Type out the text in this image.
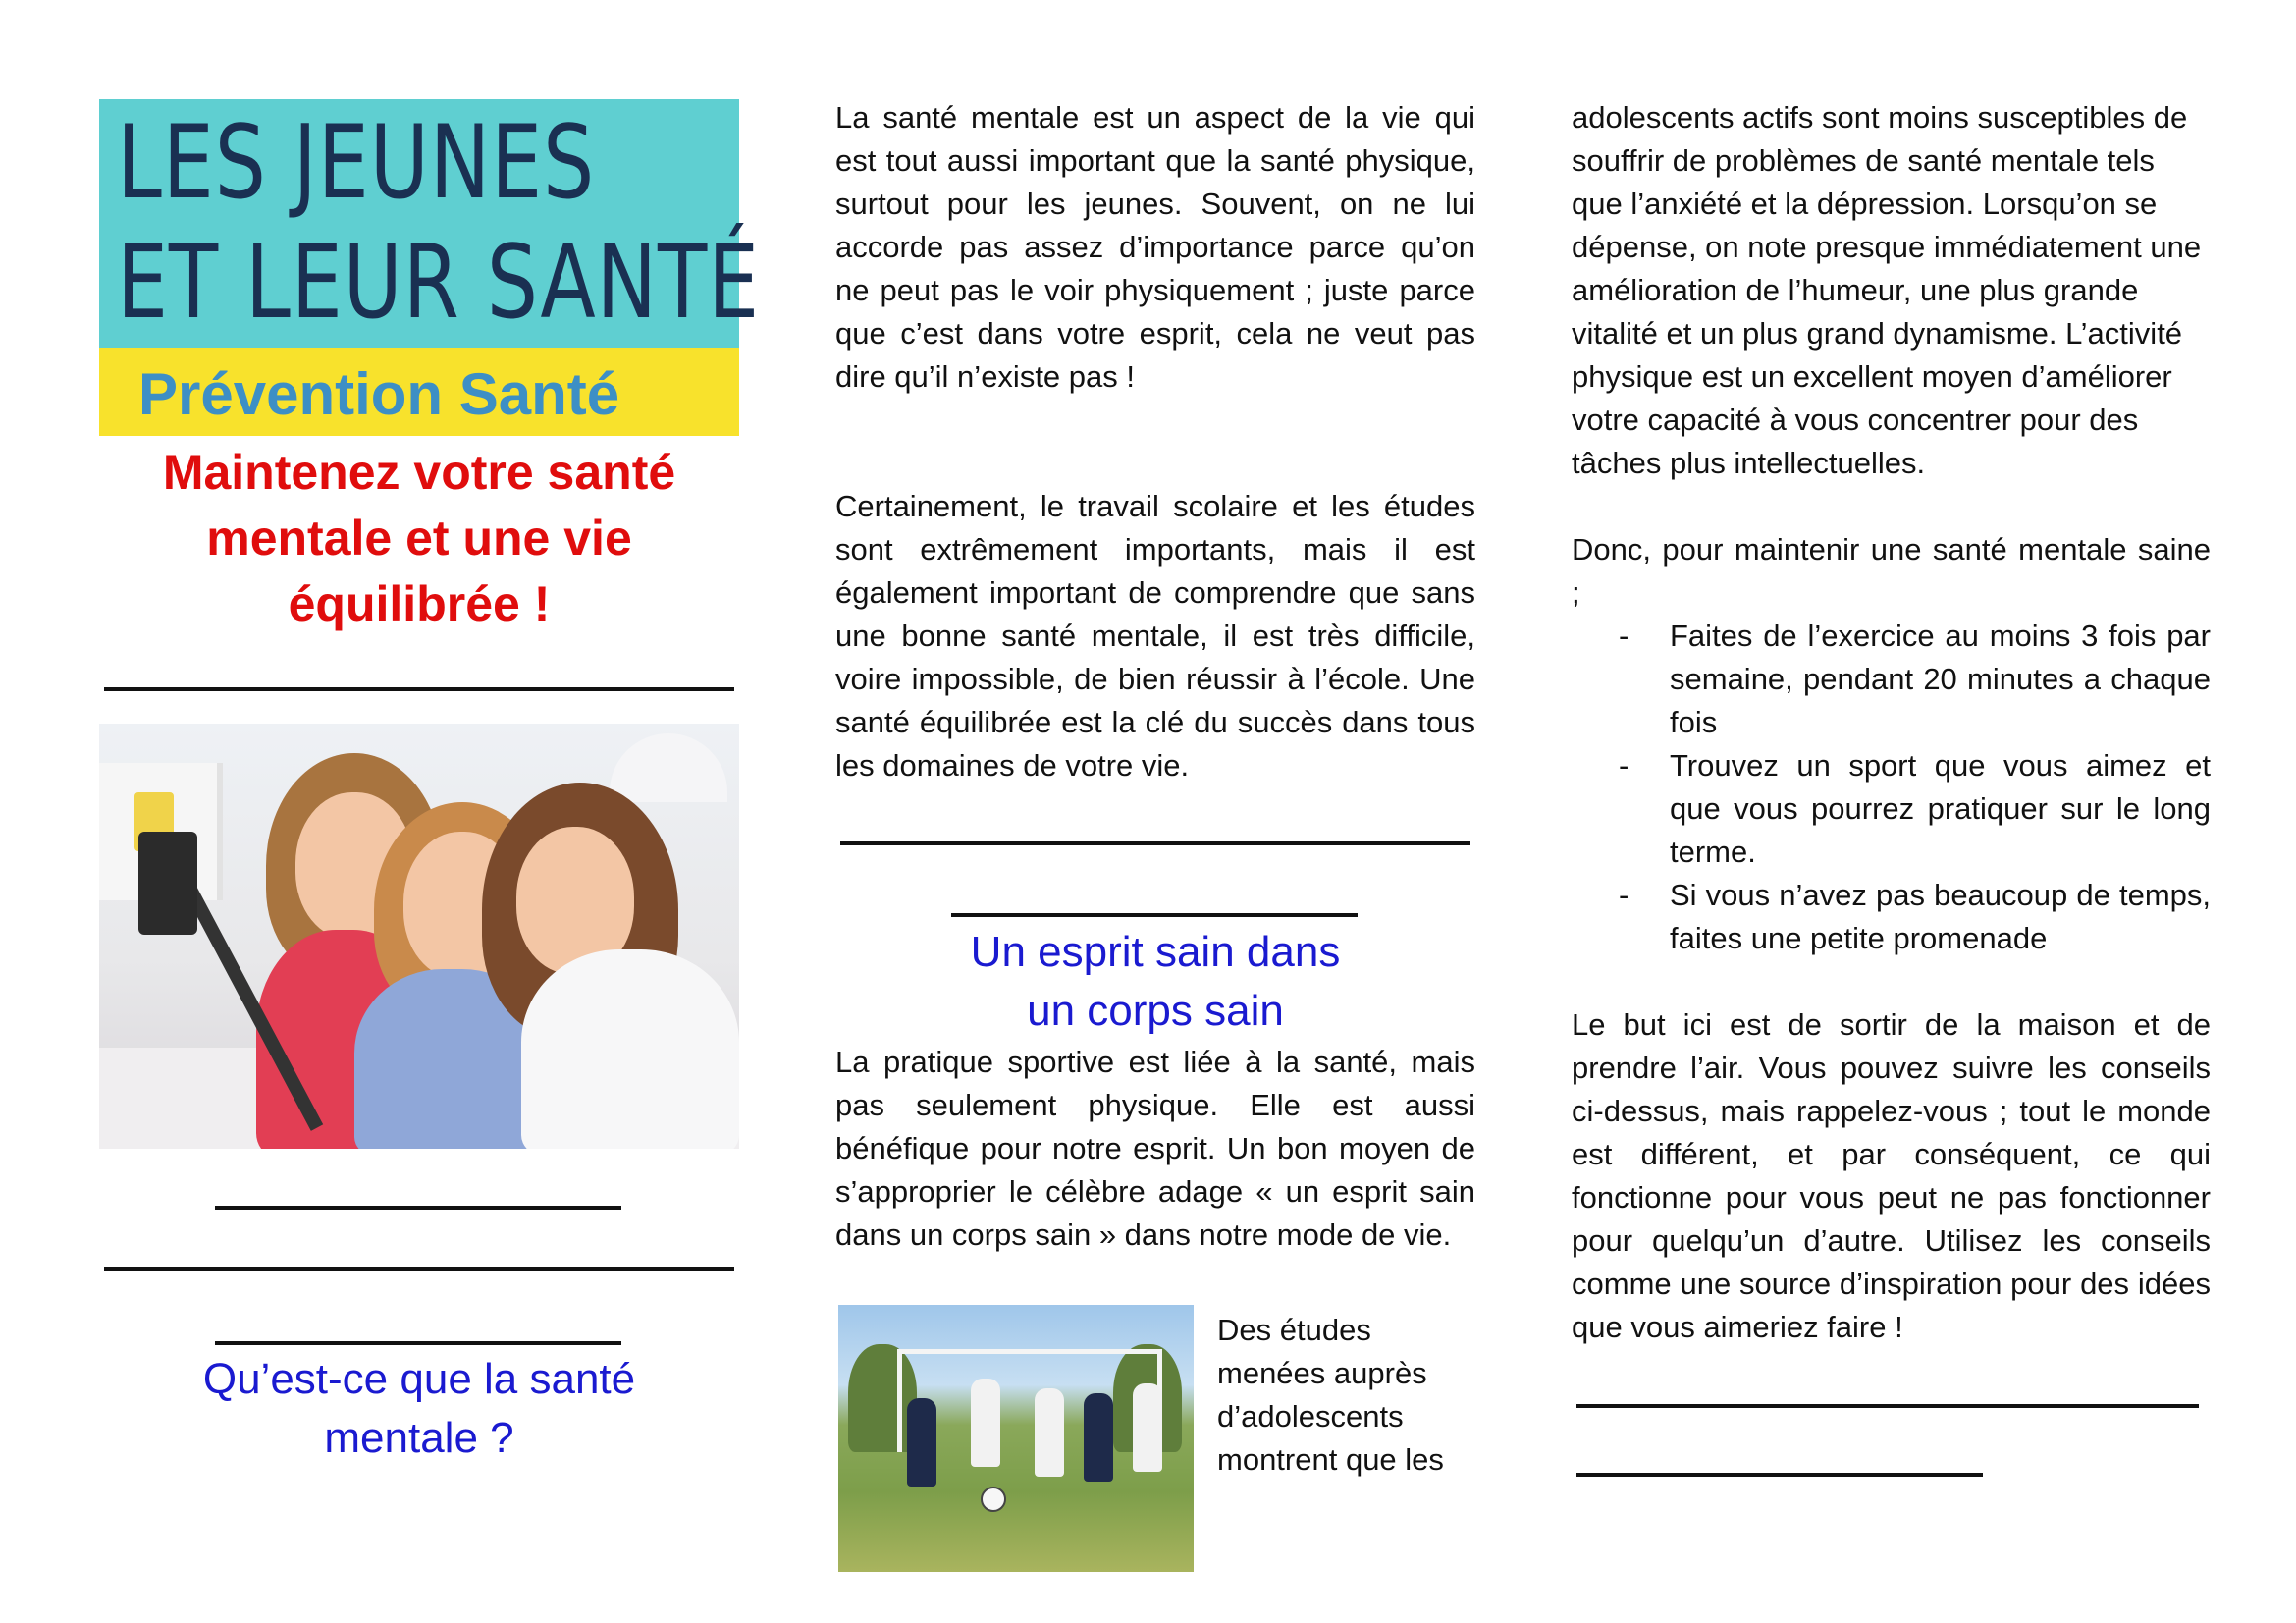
LES JEUNES
ET LEUR SANTÉ
Prévention Santé
Maintenez votre santé
mentale et une vie
équilibrée !
Qu’est-ce que la santé
mentale ?

La santé mentale est un aspect de la vie qui est tout aussi important que la santé physique, surtout pour les jeunes. Souvent, on ne lui accorde pas assez d’importance parce qu’on ne peut pas le voir physiquement ; juste parce que c’est dans votre esprit, cela ne veut pas dire qu’il n’existe pas !

Certainement, le travail scolaire et les études sont extrêmement importants, mais il est également important de comprendre que sans une bonne santé mentale, il est très difficile, voire impossible, de bien réussir à l’école. Une santé équilibrée est la clé du succès dans tous les domaines de votre vie.

Un esprit sain dans
un corps sain

La pratique sportive est liée à la santé, mais pas seulement physique. Elle est aussi bénéfique pour notre esprit. Un bon moyen de s’approprier le célèbre adage « un esprit sain dans un corps sain » dans notre mode de vie.

Des études
menées auprès
d’adolescents
montrent que les

adolescents actifs sont moins susceptibles de souffrir de problèmes de santé mentale tels que l’anxiété et la dépression. Lorsqu’on se dépense, on note presque immédiatement une amélioration de l’humeur, une plus grande vitalité et un plus grand dynamisme. L’activité physique est un excellent moyen d’améliorer votre capacité à vous concentrer pour des tâches plus intellectuelles.

Donc, pour maintenir une santé mentale saine ;

- Faites de l’exercice au moins 3 fois par semaine, pendant 20 minutes a chaque fois
- Trouvez un sport que vous aimez et que vous pourrez pratiquer sur le long terme.
- Si vous n’avez pas beaucoup de temps, faites une petite promenade

Le but ici est de sortir de la maison et de prendre l’air. Vous pouvez suivre les conseils ci-dessus, mais rappelez-vous ; tout le monde est différent, et par conséquent, ce qui fonctionne pour vous peut ne pas fonctionner pour quelqu’un d’autre. Utilisez les conseils comme une source d’inspiration pour des idées que vous aimeriez faire !
